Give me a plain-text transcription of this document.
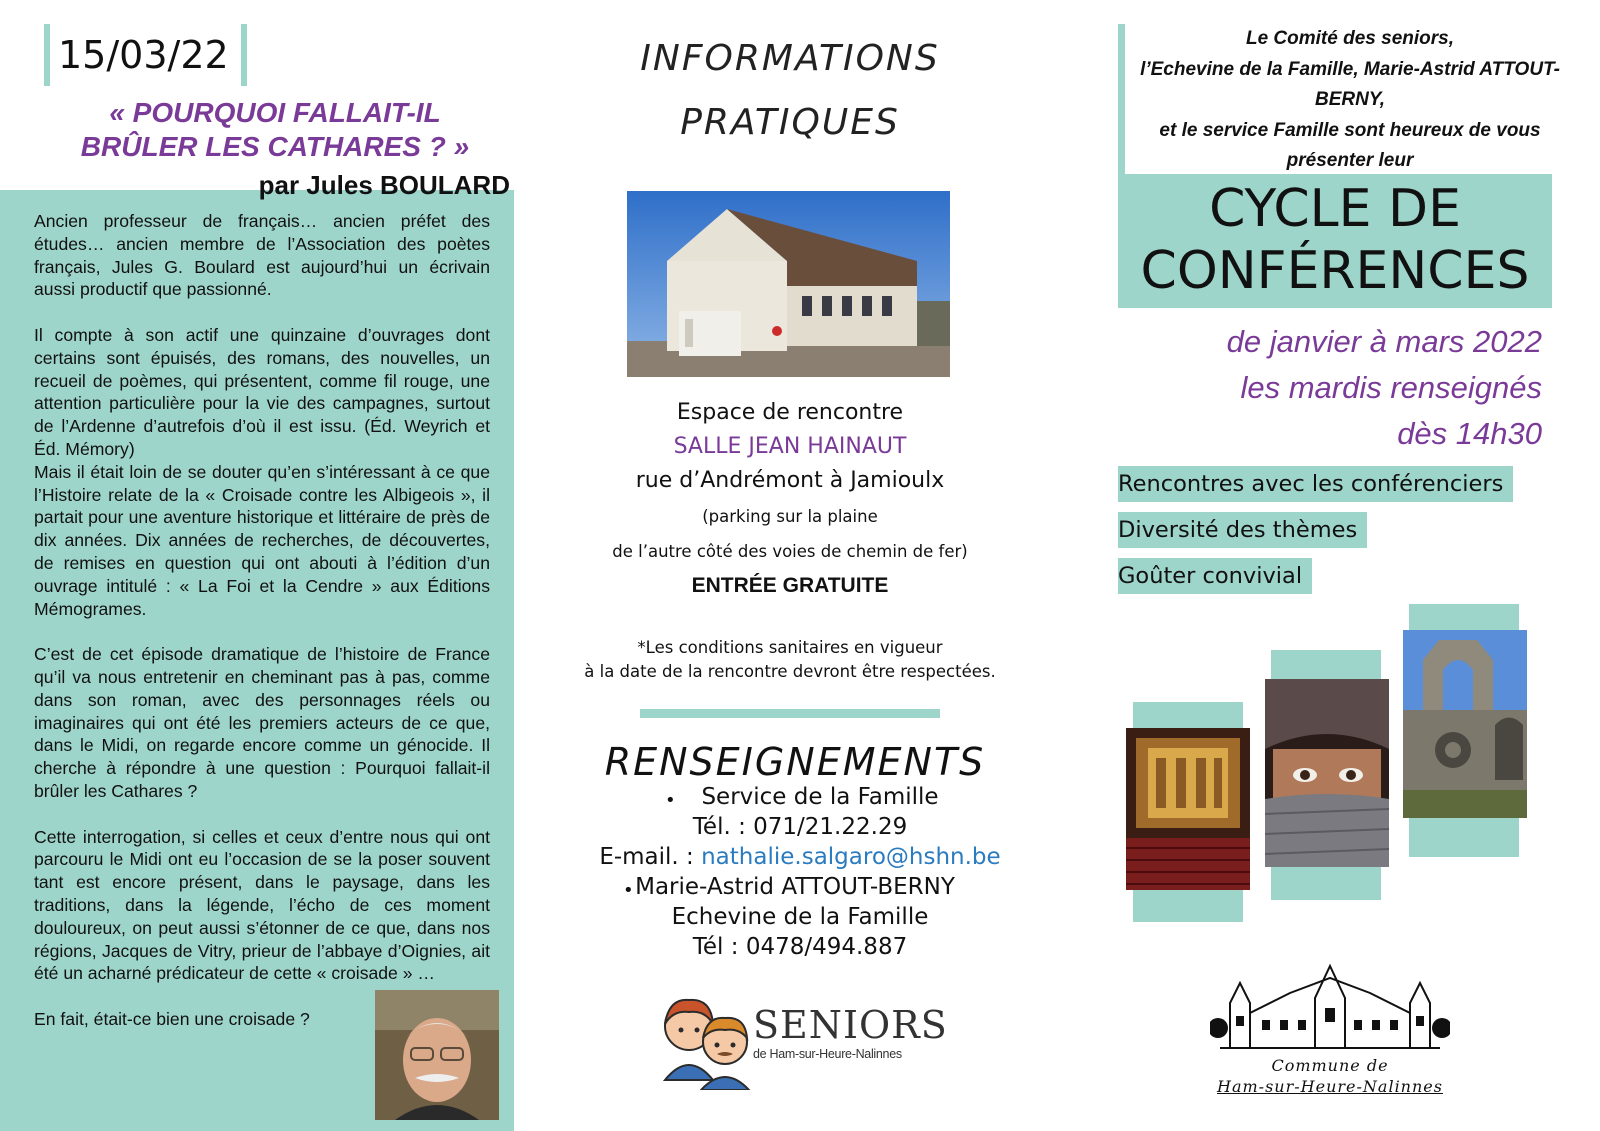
15/03/22
« POURQUOI FALLAIT-IL
BRÛLER LES CATHARES ? »
par Jules BOULARD

Ancien professeur de français… ancien préfet des études… ancien membre de l’Association des poètes français, Jules G. Boulard est aujourd’hui un écrivain aussi productif que passionné.

Il compte à son actif une quinzaine d’ouvrages dont certains sont épuisés, des romans, des nouvelles, un recueil de poèmes, qui présentent, comme fil rouge, une attention particulière pour la vie des campagnes, surtout de l’Ardenne d’autrefois d’où il est issu. (Éd. Weyrich et Éd. Mémory)

Mais il était loin de se douter qu’en s’intéressant à ce que l’Histoire relate de la « Croisade contre les Albigeois », il partait pour une aventure historique et littéraire de près de dix années. Dix années de recherches, de découvertes, de remises en question qui ont abouti à l’édition d’un ouvrage intitulé : « La Foi et la Cendre » aux Éditions Mémogrames.

C’est de cet épisode dramatique de l’histoire de France qu’il va nous entretenir en cheminant pas à pas, comme dans son roman, avec des personnages réels ou imaginaires qui ont été les premiers acteurs de ce que, dans le Midi, on regarde encore comme un génocide. Il cherche à répondre à une question : Pourquoi fallait-il brûler les Cathares ?

Cette interrogation, si celles et ceux d’entre nous qui ont parcouru le Midi ont eu l’occasion de se la poser souvent tant est encore présent, dans le paysage, dans les traditions, dans la légende, l’écho de ces moment douloureux, on peut aussi s’étonner de ce que, dans nos régions, Jacques de Vitry, prieur de l’abbaye d’Oignies, ait été un acharné prédicateur de cette « croisade » …

En fait, était-ce bien une croisade ?

INFORMATIONS
PRATIQUES
Espace de rencontre
SALLE JEAN HAINAUT
rue d’Andrémont à Jamioulx
(parking sur la plaine
de l’autre côté des voies de chemin de fer)
ENTRÉE GRATUITE
*Les conditions sanitaires en vigueur
à la date de la rencontre devront être respectées.
RENSEIGNEMENTS
•	Service de la Famille
Tél. : 071/21.22.29
E-mail. : nathalie.salgaro@hshn.be
• Marie-Astrid ATTOUT-BERNY
Echevine de la Famille
Tél : 0478/494.887
SENIORS
de Ham-sur-Heure-Nalinnes
Le Comité des seniors,
l’Echevine de la Famille, Marie-Astrid ATTOUT-
BERNY,
et le service Famille sont heureux de vous
présenter leur
CYCLE DE
CONFÉRENCES
de janvier à mars 2022
les mardis renseignés
dès 14h30
Rencontres avec les conférenciers
Diversité des thèmes
Goûter convivial
Commune de
Ham-sur-Heure-Nalinnes
